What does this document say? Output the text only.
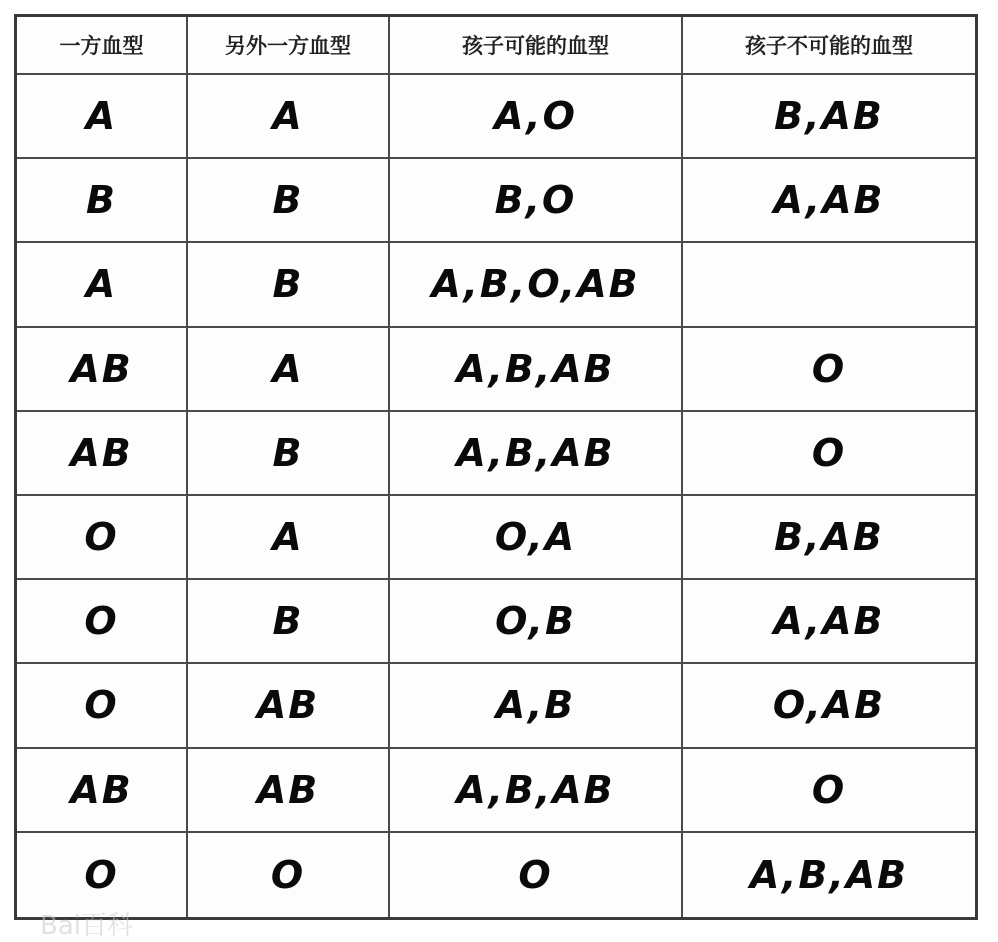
一方血型	另外一方血型	孩子可能的血型	孩子不可能的血型
A	A	A,O	B,AB
B	B	B,O	A,AB
A	B	A,B,O,AB
AB	A	A,B,AB	O
AB	B	A,B,AB	O
O	A	O,A	B,AB
O	B	O,B	A,AB
O	AB	A,B	O,AB
AB	AB	A,B,AB	O
O	O	O	A,B,AB
Bai百科
